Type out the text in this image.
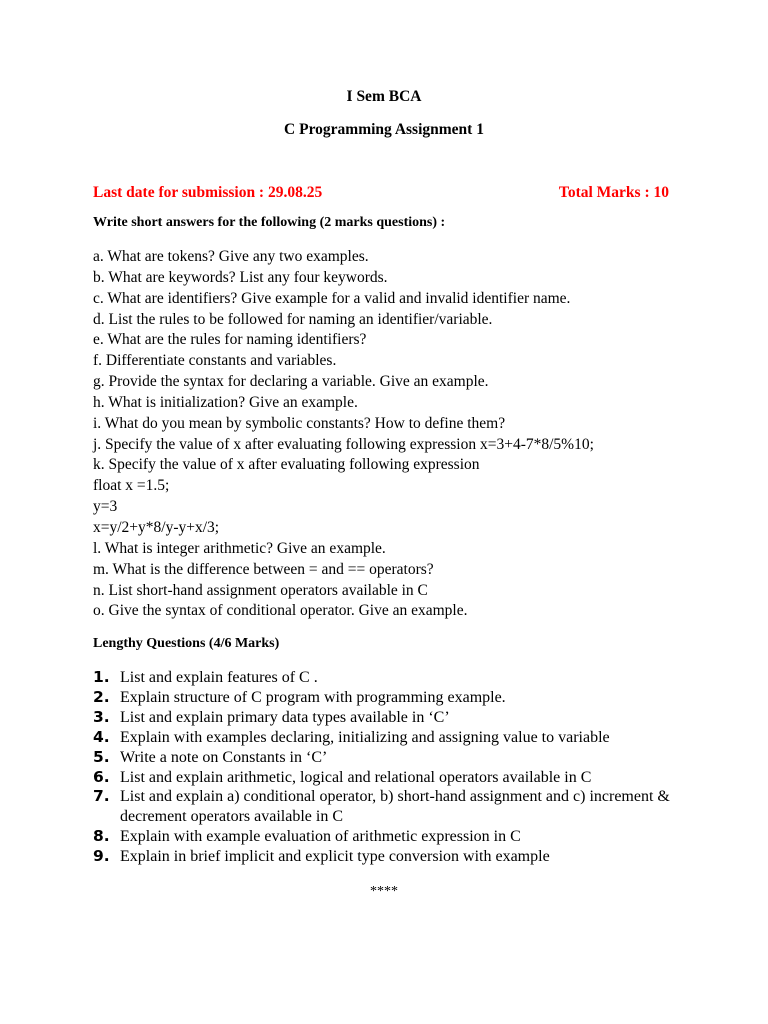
I Sem BCA
C Programming Assignment 1
Last date for submission : 29.08.25	Total Marks : 10
Write short answers for the following (2 marks questions) :
a. What are tokens? Give any two examples.
b. What are keywords? List any four keywords.
c. What are identifiers? Give example for a valid and invalid identifier name.
d. List the rules to be followed for naming an identifier/variable.
e. What are the rules for naming identifiers?
f. Differentiate constants and variables.
g. Provide the syntax for declaring a variable. Give an example.
h. What is initialization? Give an example.
i. What do you mean by symbolic constants? How to define them?
j. Specify the value of x after evaluating following expression x=3+4-7*8/5%10;
k. Specify the value of x after evaluating following expression
float x =1.5;
y=3
x=y/2+y*8/y-y+x/3;
l. What is integer arithmetic? Give an example.
m. What is the difference between = and == operators?
n. List short-hand assignment operators available in C
o. Give the syntax of conditional operator. Give an example.
Lengthy Questions (4/6 Marks)
1. List and explain features of C .
2. Explain structure of C program with programming example.
3. List and explain primary data types available in ‘C’
4. Explain with examples declaring, initializing and assigning value to variable
5. Write a note on Constants in ‘C’
6. List and explain arithmetic, logical and relational operators available in C
7. List and explain a) conditional operator, b) short-hand assignment and c) increment & decrement operators available in C
8. Explain with example evaluation of arithmetic expression in C
9. Explain in brief implicit and explicit type conversion with example
****
